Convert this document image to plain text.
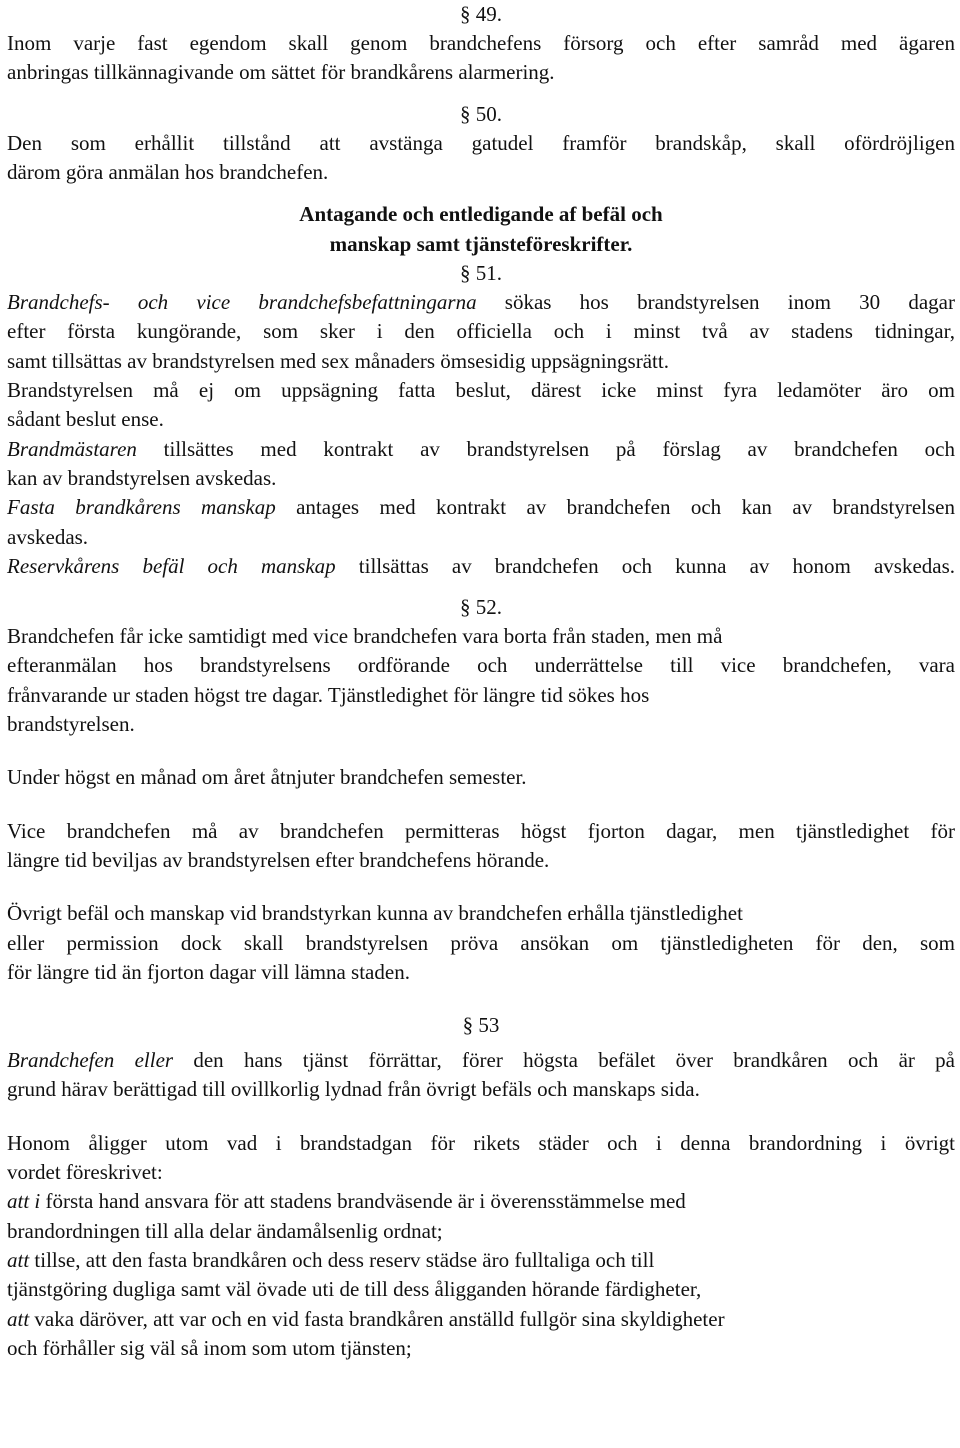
§ 49.
Inom varje fast egendom skall genom brandchefens försorg och efter samråd med ägaren
anbringas tillkännagivande om sättet för brandkårens alarmering.
§ 50.
Den som erhållit tillstånd att avstänga gatudel framför brandskåp, skall ofördröjligen
därom göra anmälan hos brandchefen.
Antagande och entledigande af befäl och
manskap samt tjänsteföreskrifter.
§ 51.
Brandchefs- och vice brandchefsbefattningarna sökas hos brandstyrelsen inom 30 dagar
efter första kungörande, som sker i den officiella och i minst två av stadens tidningar,
samt tillsättas av brandstyrelsen med sex månaders ömsesidig uppsägningsrätt.
Brandstyrelsen må ej om uppsägning fatta beslut, därest icke minst fyra ledamöter äro om
sådant beslut ense.
Brandmästaren tillsättes med kontrakt av brandstyrelsen på förslag av brandchefen och
kan av brandstyrelsen avskedas.
Fasta brandkårens manskap antages med kontrakt av brandchefen och kan av brandstyrelsen
avskedas.
Reservkårens befäl och manskap tillsättas av brandchefen och kunna av honom avskedas.
§ 52.
Brandchefen får icke samtidigt med vice brandchefen vara borta från staden, men må
efteranmälan hos brandstyrelsens ordförande och underrättelse till vice brandchefen, vara
frånvarande ur staden högst tre dagar. Tjänstledighet för längre tid sökes hos
brandstyrelsen.
Under högst en månad om året åtnjuter brandchefen semester.
Vice brandchefen må av brandchefen permitteras högst fjorton dagar, men tjänstledighet för
längre tid beviljas av brandstyrelsen efter brandchefens hörande.
Övrigt befäl och manskap vid brandstyrkan kunna av brandchefen erhålla tjänstledighet
eller permission dock skall brandstyrelsen pröva ansökan om tjänstledigheten för den, som
för längre tid än fjorton dagar vill lämna staden.
§ 53
Brandchefen eller den hans tjänst förrättar, förer högsta befälet över brandkåren och är på
grund härav berättigad till ovillkorlig lydnad från övrigt befäls och manskaps sida.
Honom åligger utom vad i brandstadgan för rikets städer och i denna brandordning i övrigt
vordet föreskrivet:
att i första hand ansvara för att stadens brandväsende är i överensstämmelse med
brandordningen till alla delar ändamålsenlig ordnat;
att tillse, att den fasta brandkåren och dess reserv städse äro fulltaliga och till
tjänstgöring dugliga samt väl övade uti de till dess åligganden hörande färdigheter,
att vaka däröver, att var och en vid fasta brandkåren anställd fullgör sina skyldigheter
och förhåller sig väl så inom som utom tjänsten;
